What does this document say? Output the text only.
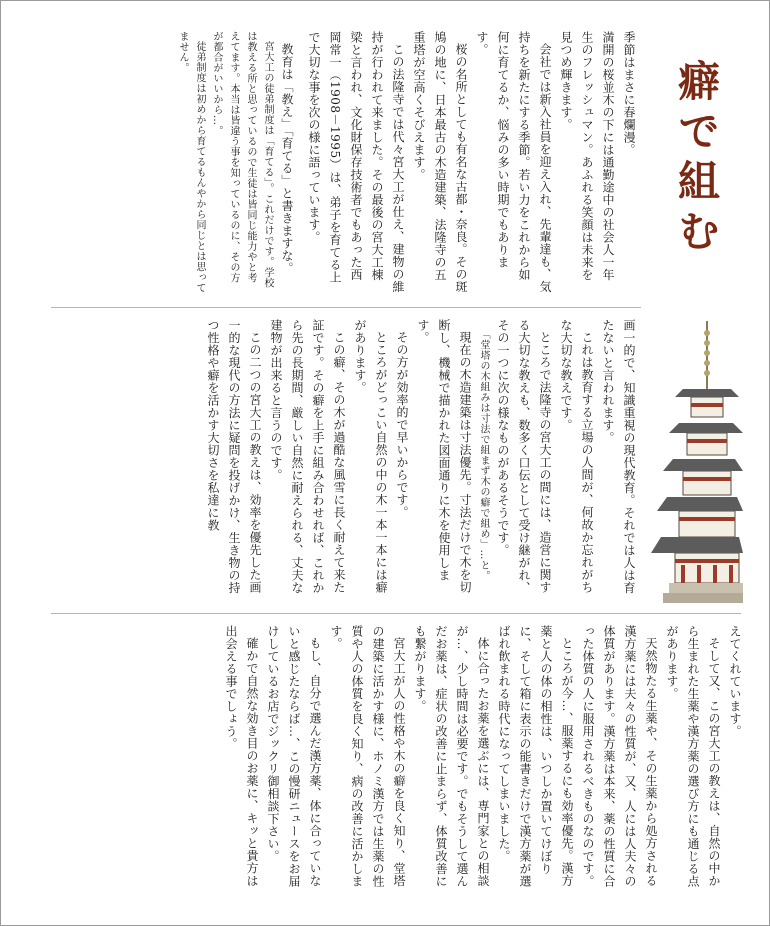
癖で組む

季節はまさに春爛漫。

満開の桜並木の下には通勤途中の社会人一年生のフレッシュマン。あふれる笑顔は未来を見つめ輝きます。

会社では新入社員を迎え入れ、先輩達も、気持ちを新たにする季節。若い力をこれから如何に育てるか、悩みの多い時期でもあります。

桜の名所としても有名な古都・奈良。その斑鳩の地に、日本最古の木造建築、法隆寺の五重塔が空高くそびえます。

この法隆寺では代々宮大工が仕え、建物の維持が行われて来ました。その最後の宮大工棟梁と言われ、文化財保存技術者でもあった西岡常一（1908－1995）は、弟子を育てる上で大切な事を次の様に語っています。

教育は「教え」「育てる」と書きますな。

宮大工の徒弟制度は「育てる」。これだけです。学校は教える所と思っているので生徒は皆同じ能力やと考えてます。本当は皆違う事を知っているのに、その方が都合がいいから…。

徒弟制度は初めから育てるもんやから同じとは思ってません。

画一的で、知識重視の現代教育。それでは人は育たないと言われます。

これは教育する立場の人間が、何故か忘れがちな大切な教えです。

ところで法隆寺の宮大工の間には、造営に関する大切な教えも、数多く口伝として受け継がれ、その一つに次の様なものがあるそうです。

「堂塔の木組みは寸法で組まず木の癖で組め」…と。

現在の木造建築は寸法優先。寸法だけで木を切断し、機械で描かれた図面通りに木を使用します。

その方が効率的で早いからです。

ところがどっこい自然の中の木一本一本には癖があります。

この癖、その木が過酷な風雪に長く耐えて来た証です。その癖を上手に組み合わせれば、これから先の長期間、厳しい自然に耐えられる、丈夫な建物が出来ると言うのです。

この二つの宮大工の教えは、効率を優先した画一的な現代の方法に疑問を投げかけ、生き物の持つ性格や癖を活かす大切さを私達に教

えてくれています。

そして又、この宮大工の教えは、自然の中から生まれた生薬や漢方薬の選び方にも通じる点があります。

天然物たる生薬や、その生薬から処方される漢方薬には夫々の性質が、又、人には人夫々の体質があります。漢方薬は本来、薬の性質に合った体質の人に服用されるべきものなのです。

ところが今…、服薬するにも効率優先。漢方薬と人の体の相性は、いつしか置いてけぼりに、そして箱に表示の能書きだけで漢方薬が選ばれ飲まれる時代になってしまいました。

体に合ったお薬を選ぶには、専門家との相談が…、少し時間は必要です。でもそうして選んだお薬は、症状の改善に止まらず、体質改善にも繋がります。

宮大工が人の性格や木の癖を良く知り、堂塔の建築に活かす様に、ホノミ漢方では生薬の性質や人の体質を良く知り、病の改善に活かします。

もし、自分で選んだ漢方薬、体に合っていないと感じたならば…、この慢研ニュースをお届けしているお店でジックリ御相談下さい。

確かで自然な効き目のお薬に、キッと貴方は出会える事でしょう。
